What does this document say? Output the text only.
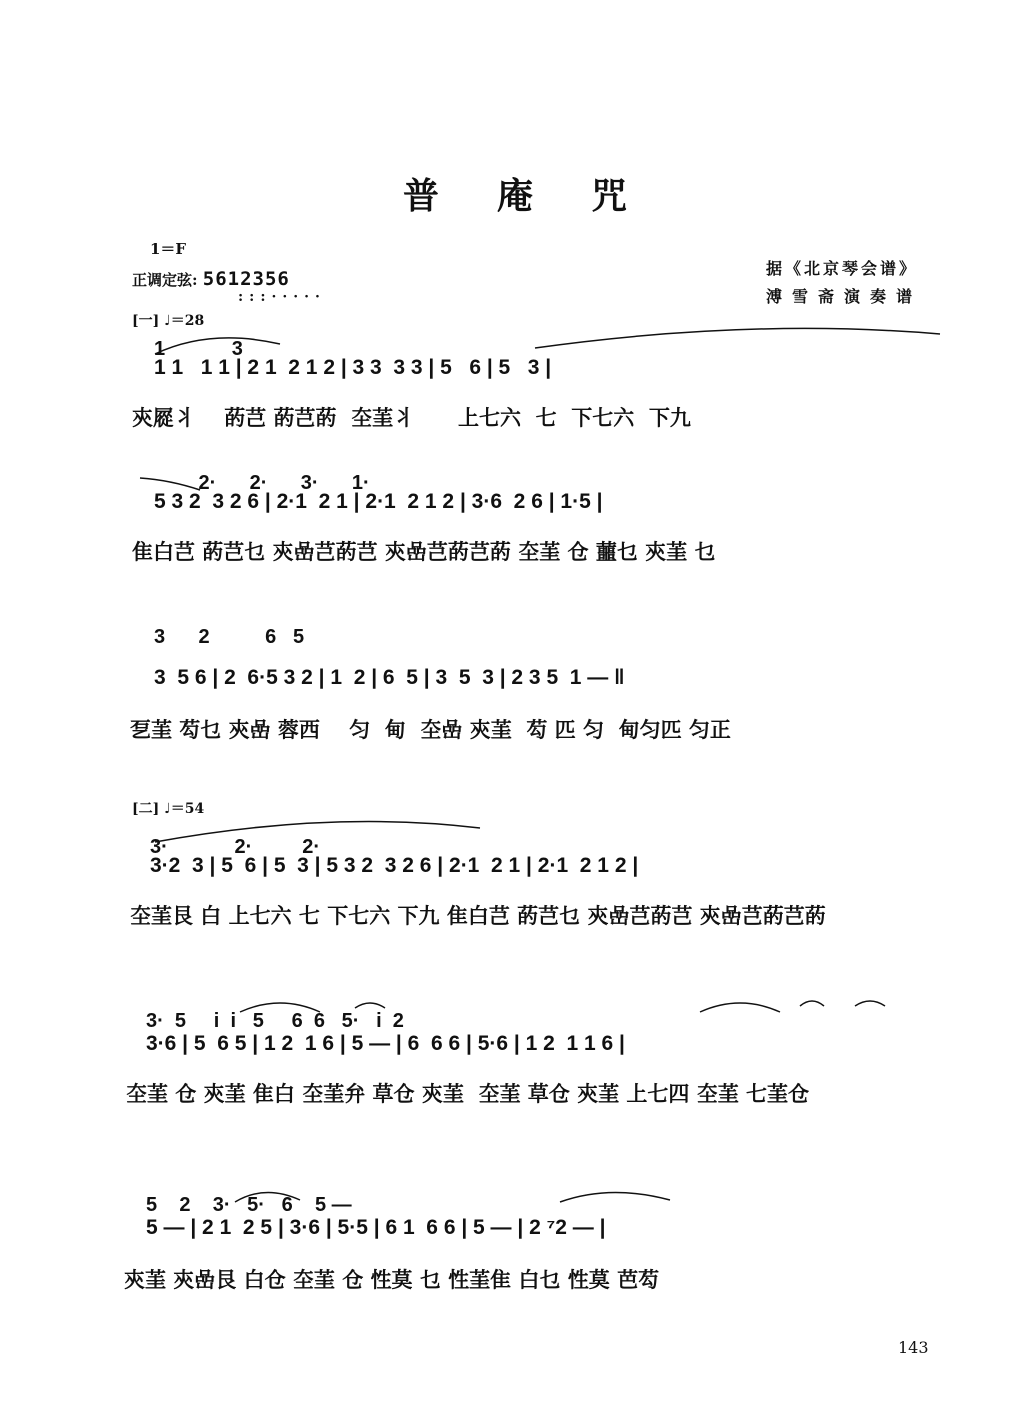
普庵咒
1＝F
正调定弦: 5612356
:::·····
据《北京琴会谱》
溥雪斋演奏谱
[一] ♩＝28
1            3
1 1   1 1 | 2 1  2 1 2 | 3 3  3 3 | 5   6 | 5   3 |
㚒㞞丬    菂芑 菂芑菂  圶茥丬      上七六  七  下七六  下九
2·      2·      3·      1·
5 3 2  3 2 6 | 2·1  2 1 | 2·1  2 1 2 | 3·6  2 6 | 1·5 |
隹白芑 菂芑乜 㚒嵒芑菂芑 㚒嵒芑菂芑菂 圶茥 仓 蘁乜 㚒茥 乜
3      2          6   5
3  5 6 | 2  6·5 3 2 | 1  2 | 6  5 | 3  5  3 | 2 3 5  1 — ‖
乭茥 芶乜 㚒嵒 蓉西    匀  甸  圶嵒 㚒茥  芶 匹 匀  甸匀匹 匀正
[二] ♩＝54
3·            2·         2·
3·2  3 | 5  6 | 5  3 | 5 3 2  3 2 6 | 2·1  2 1 | 2·1  2 1 2 |
圶茥艮 白 上七六 七 下七六 下九 隹白芑 菂芑乜 㚒嵒芑菂芑 㚒嵒芑菂芑菂
3·  5     i  i   5     6  6   5·   i  2
3·6 | 5  6 5 | 1 2  1 6 | 5 — | 6  6 6 | 5·6 | 1 2  1 1 6 |
圶茥 仓 㚒茥 隹白 圶茥弁 草仓 㚒茥  圶茥 草仓 㚒茥 上七四 圶茥 七茥仓
5    2    3·   5·   6    5 —
5 — | 2 1  2 5 | 3·6 | 5·5 | 6 1  6 6 | 5 — | 2 ⁷2 — |
㚒茥 㚒嵒艮 白仓 圶茥 仓 性莫 乜 性茥隹 白乜 性莫 芭芶
143
